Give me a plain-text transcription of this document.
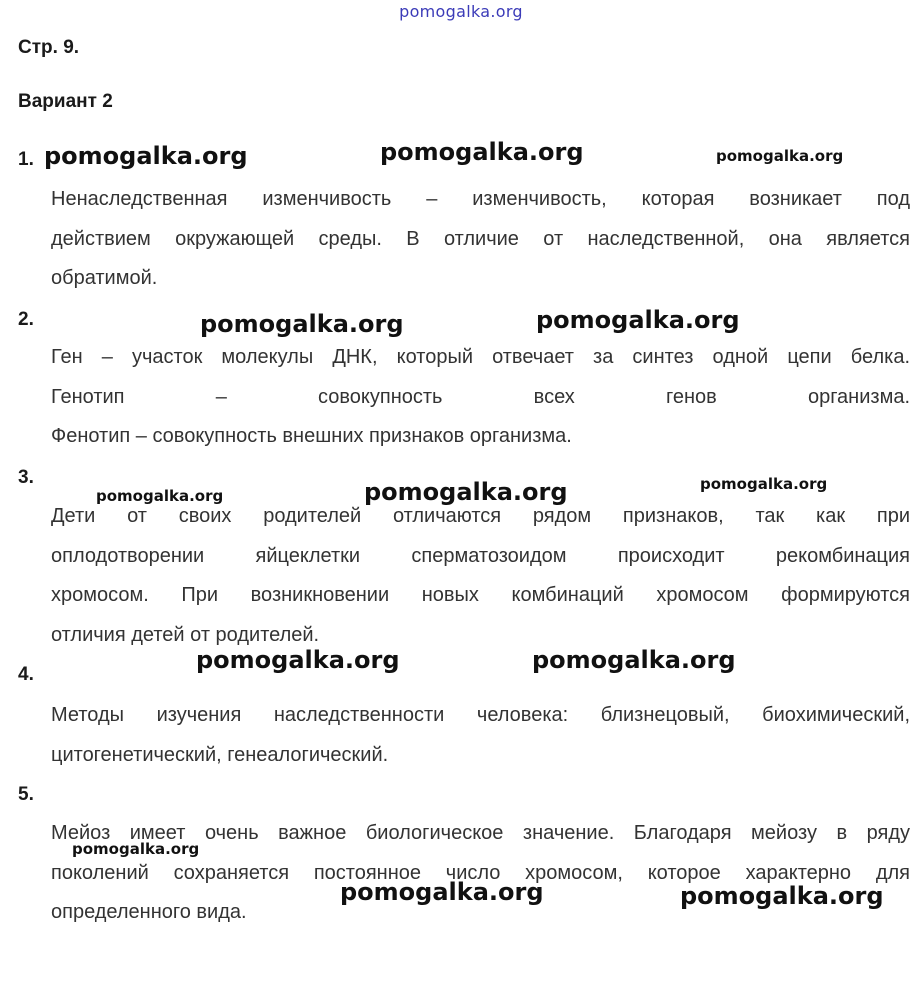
pomogalka.org
Стр. 9.
Вариант 2
1.
Ненаследственная изменчивость – изменчивость, которая возникает под
действием окружающей среды. В отличие от наследственной, она является
обратимой.
2.
Ген – участок молекулы ДНК, который отвечает за синтез одной цепи белка.
Генотип – совокупность всех генов организма.
Фенотип – совокупность внешних признаков организма.
3.
Дети от своих родителей отличаются рядом признаков, так как при
оплодотворении яйцеклетки сперматозоидом происходит рекомбинация
хромосом. При возникновении новых комбинаций хромосом формируются
отличия детей от родителей.
4.
Методы изучения наследственности человека: близнецовый, биохимический,
цитогенетический, генеалогический.
5.
Мейоз имеет очень важное биологическое значение. Благодаря мейозу в ряду
поколений сохраняется постоянное число хромосом, которое характерно для
определенного вида.
pomogalka.org	pomogalka.org	pomogalka.org
pomogalka.org	pomogalka.org
pomogalka.org	pomogalka.org	pomogalka.org
pomogalka.org	pomogalka.org
pomogalka.org
pomogalka.org	pomogalka.org
